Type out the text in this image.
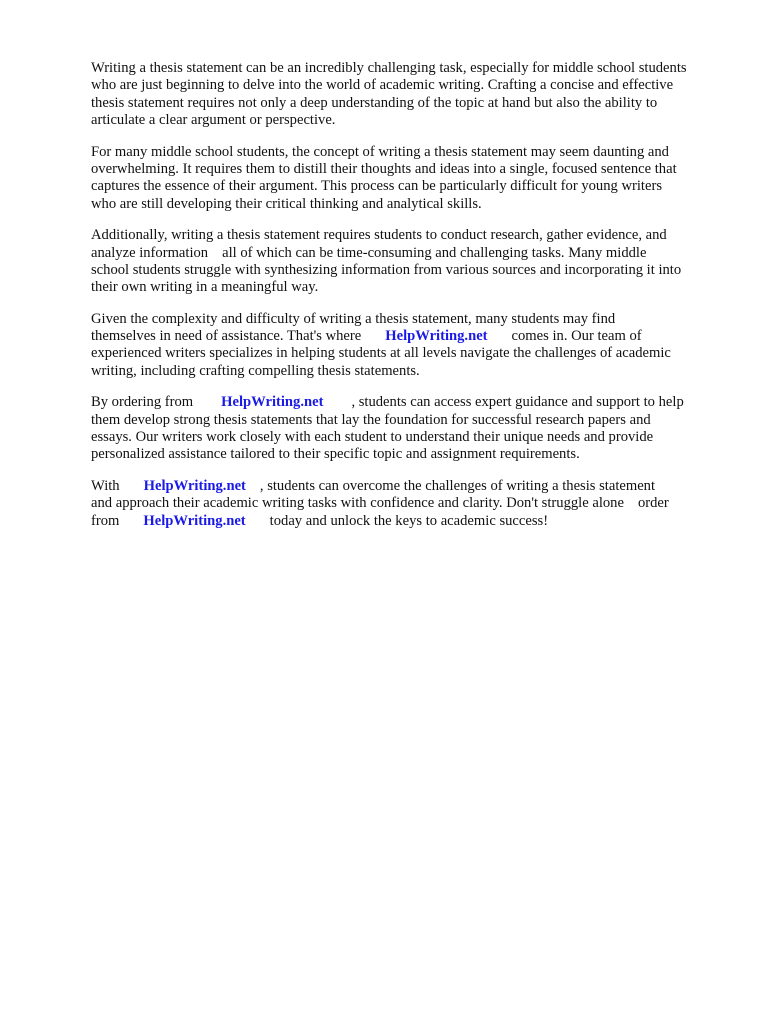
Writing a thesis statement can be an incredibly challenging task, especially for middle school students
who are just beginning to delve into the world of academic writing. Crafting a concise and effective
thesis statement requires not only a deep understanding of the topic at hand but also the ability to
articulate a clear argument or perspective.
For many middle school students, the concept of writing a thesis statement may seem daunting and
overwhelming. It requires them to distill their thoughts and ideas into a single, focused sentence that
captures the essence of their argument. This process can be particularly difficult for young writers
who are still developing their critical thinking and analytical skills.
Additionally, writing a thesis statement requires students to conduct research, gather evidence, and
analyze information all of which can be time-consuming and challenging tasks. Many middle
school students struggle with synthesizing information from various sources and incorporating it into
their own writing in a meaningful way.
Given the complexity and difficulty of writing a thesis statement, many students may find
themselves in need of assistance. That's where HelpWriting.net comes in. Our team of
experienced writers specializes in helping students at all levels navigate the challenges of academic
writing, including crafting compelling thesis statements.
By ordering from HelpWriting.net , students can access expert guidance and support to help
them develop strong thesis statements that lay the foundation for successful research papers and
essays. Our writers work closely with each student to understand their unique needs and provide
personalized assistance tailored to their specific topic and assignment requirements.
With HelpWriting.net , students can overcome the challenges of writing a thesis statement
and approach their academic writing tasks with confidence and clarity. Don't struggle alone order
from HelpWriting.net today and unlock the keys to academic success!
